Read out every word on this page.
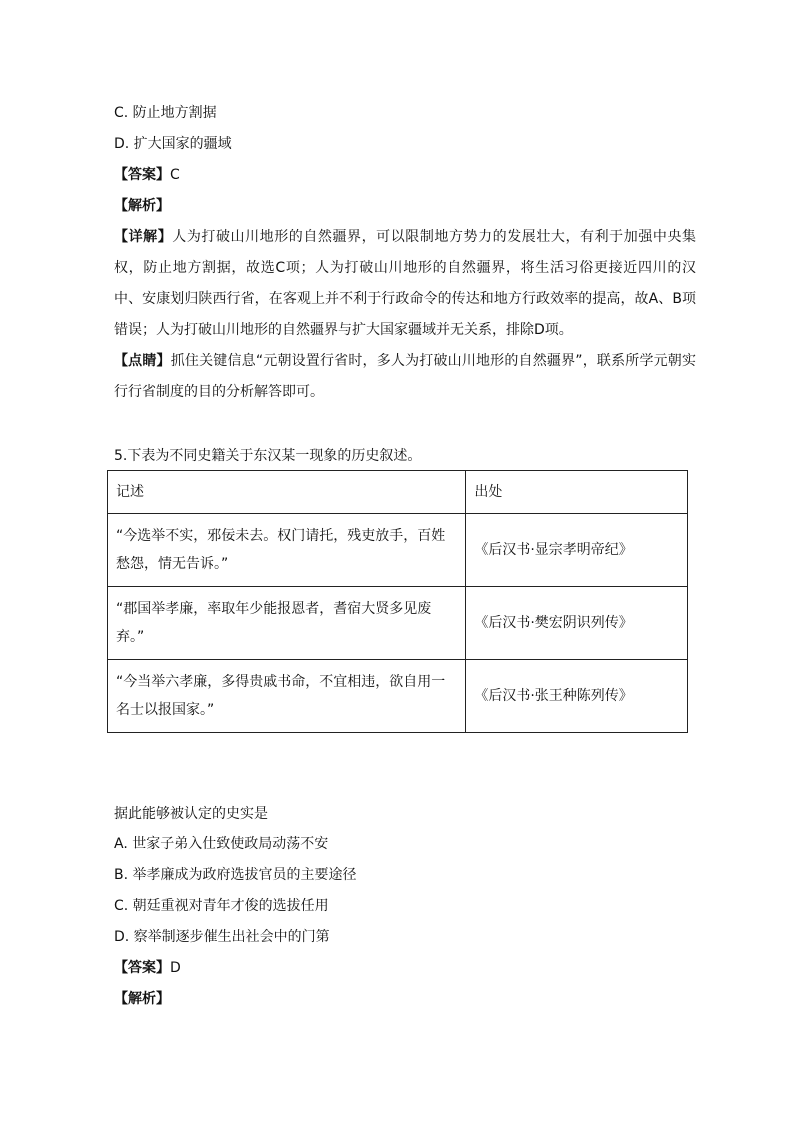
C. 防止地方割据
D. 扩大国家的疆域
【答案】C
【解析】
【详解】人为打破山川地形的自然疆界，可以限制地方势力的发展壮大，有利于加强中央集权，防止地方割据，故选C项；人为打破山川地形的自然疆界，将生活习俗更接近四川的汉中、安康划归陕西行省，在客观上并不利于行政命令的传达和地方行政效率的提高，故A、B项错误；人为打破山川地形的自然疆界与扩大国家疆域并无关系，排除D项。
【点睛】抓住关键信息“元朝设置行省时，多人为打破山川地形的自然疆界”，联系所学元朝实行行省制度的目的分析解答即可。
5.下表为不同史籍关于东汉某一现象的历史叙述。
记述	出处

“今选举不实，邪佞未去。权门请托，残吏放手，百姓愁怨，情无告诉。”	《后汉书·显宗孝明帝纪》

“郡国举孝廉，率取年少能报恩者，耆宿大贤多见废弃。”	《后汉书·樊宏阴识列传》

“今当举六孝廉，多得贵戚书命，不宜相违，欲自用一名士以报国家。”	《后汉书·张王种陈列传》
据此能够被认定的史实是
A. 世家子弟入仕致使政局动荡不安
B. 举孝廉成为政府选拔官员的主要途径
C. 朝廷重视对青年才俊的选拔任用
D. 察举制逐步催生出社会中的门第
【答案】D
【解析】
